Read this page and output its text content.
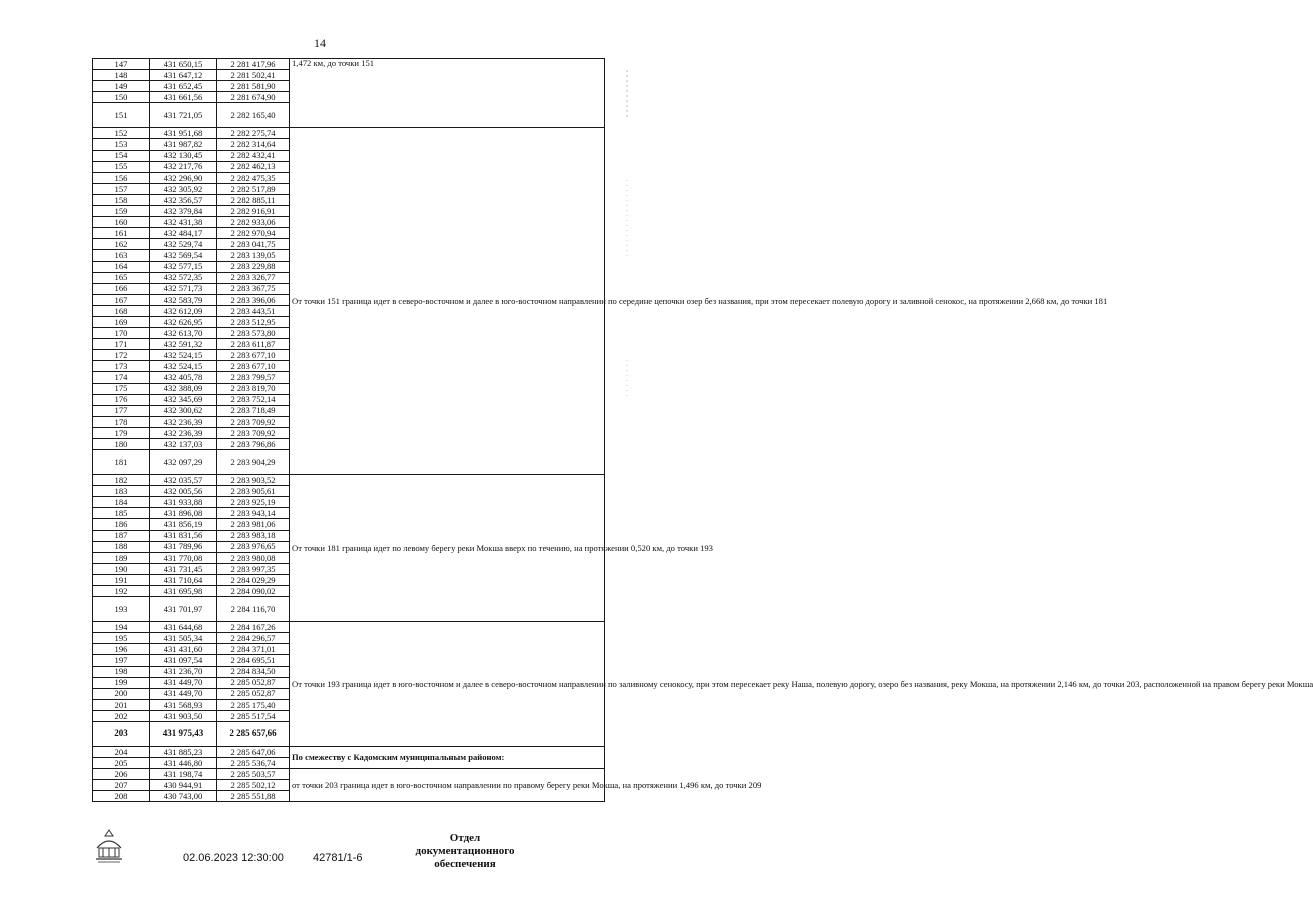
14
147	431 650,15	2 281 417,96	1,472 км, до точки 151

148	431 647,12	2 281 502,41	
149	431 652,45	2 281 581,90	
150	431 661,56	2 281 674,90	
151	431 721,05	2 282 165,40	
152	431 951,68	2 282 275,74	От точки 151 граница идет в северо-восточном и далее в юго-восточном направлении по середине цепочки озер без названия, при этом пересекает полевую дорогу и заливной сенокос, на протяжении 2,668 км, до точки 181

153	431 987,82	2 282 314,64	
154	432 130,45	2 282 432,41	
155	432 217,76	2 282 462,13	
156	432 296,90	2 282 475,35	
157	432 305,92	2 282 517,89	
158	432 356,57	2 282 885,11	
159	432 379,84	2 282 916,91	
160	432 431,38	2 282 933,06	
161	432 484,17	2 282 970,94	
162	432 529,74	2 283 041,75	
163	432 569,54	2 283 139,05	
164	432 577,15	2 283 229,88	
165	432 572,35	2 283 326,77	
166	432 571,73	2 283 367,75	
167	432 583,79	2 283 396,06	
168	432 612,09	2 283 443,51	
169	432 626,95	2 283 512,95	
170	432 613,70	2 283 573,80	
171	432 591,32	2 283 611,87	
172	432 524,15	2 283 677,10	
173	432 524,15	2 283 677,10	
174	432 405,78	2 283 799,57	
175	432 388,09	2 283 819,70	
176	432 345,69	2 283 752,14	
177	432 300,62	2 283 718,49	
178	432 236,39	2 283 709,92	
179	432 236,39	2 283 709,92	
180	432 137,03	2 283 796,86	
181	432 097,29	2 283 904,29	
182	432 035,57	2 283 903,52	От точки 181 граница идет по левому берегу реки Мокша вверх по течению, на протяжении 0,520 км, до точки 193

183	432 005,56	2 283 905,61	
184	431 933,88	2 283 925,19	
185	431 896,08	2 283 943,14	
186	431 856,19	2 283 981,06	
187	431 831,56	2 283 983,18	
188	431 789,96	2 283 976,65	
189	431 770,08	2 283 980,08	
190	431 731,45	2 283 997,35	
191	431 710,64	2 284 029,29	
192	431 695,98	2 284 090,02	
193	431 701,97	2 284 116,70	
194	431 644,68	2 284 167,26	От точки 193 граница идет в юго-восточном и далее в северо-восточном направлении по заливному сенокосу, при этом пересекает реку Наша, полевую дорогу, озеро без названия, реку Мокша, на протяжении 2,146 км, до точки 203, расположенной на правом берегу реки Мокша

195	431 505,34	2 284 296,57	
196	431 431,60	2 284 371,01	
197	431 097,54	2 284 695,51	
198	431 236,70	2 284 834,50	
199	431 449,70	2 285 052,87	
200	431 449,70	2 285 052,87	
201	431 568,93	2 285 175,40	
202	431 903,50	2 285 517,54	
203	431 975,43	2 285 657,66	
204	431 885,23	2 285 647,06	По смежеству с Кадомским муниципальным районом:

205	431 446,80	2 285 536,74	
206	431 198,74	2 285 503,57	от точки 203 граница идет в юго-восточном направлении по правому берегу реки Мокша, на протяжении 1,496 км, до точки 209

207	430 944,91	2 285 502,12	
208	430 743,00	2 285 551,88	
02.06.2023 12:30:00	42781/1-6
Отдел документационного
обеспечения
